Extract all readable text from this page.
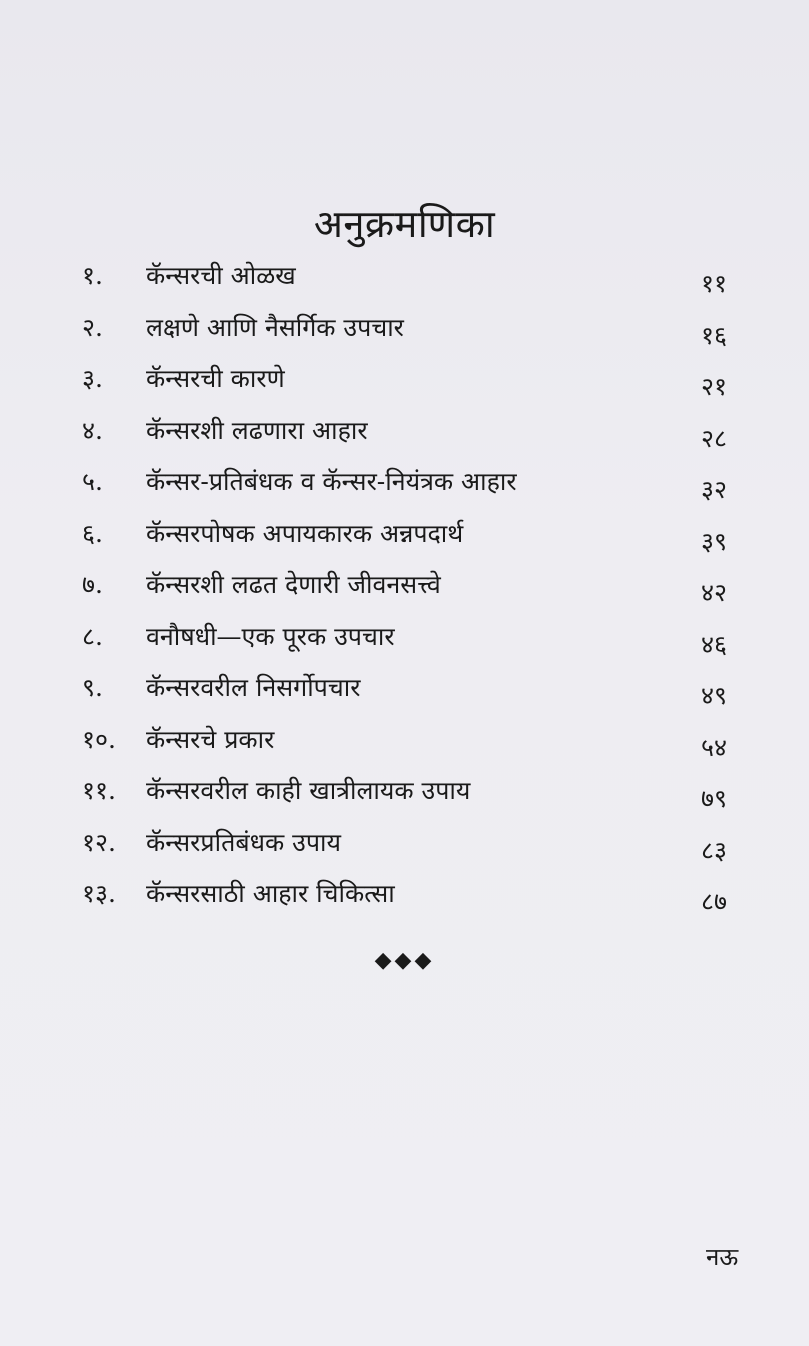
अनुक्रमणिका
१. कॅन्सरची ओळख	११
२. लक्षणे आणि नैसर्गिक उपचार	१६
३. कॅन्सरची कारणे	२१
४. कॅन्सरशी लढणारा आहार	२८
५. कॅन्सर-प्रतिबंधक व कॅन्सर-नियंत्रक आहार	३२
६. कॅन्सरपोषक अपायकारक अन्नपदार्थ	३९
७. कॅन्सरशी लढत देणारी जीवनसत्त्वे	४२
८. वनौषधी—एक पूरक उपचार	४६
९. कॅन्सरवरील निसर्गोपचार	४९
१०. कॅन्सरचे प्रकार	५४
११. कॅन्सरवरील काही खात्रीलायक उपाय	७९
१२. कॅन्सरप्रतिबंधक उपाय	८३
१३. कॅन्सरसाठी आहार चिकित्सा	८७
◆◆◆
नऊ
